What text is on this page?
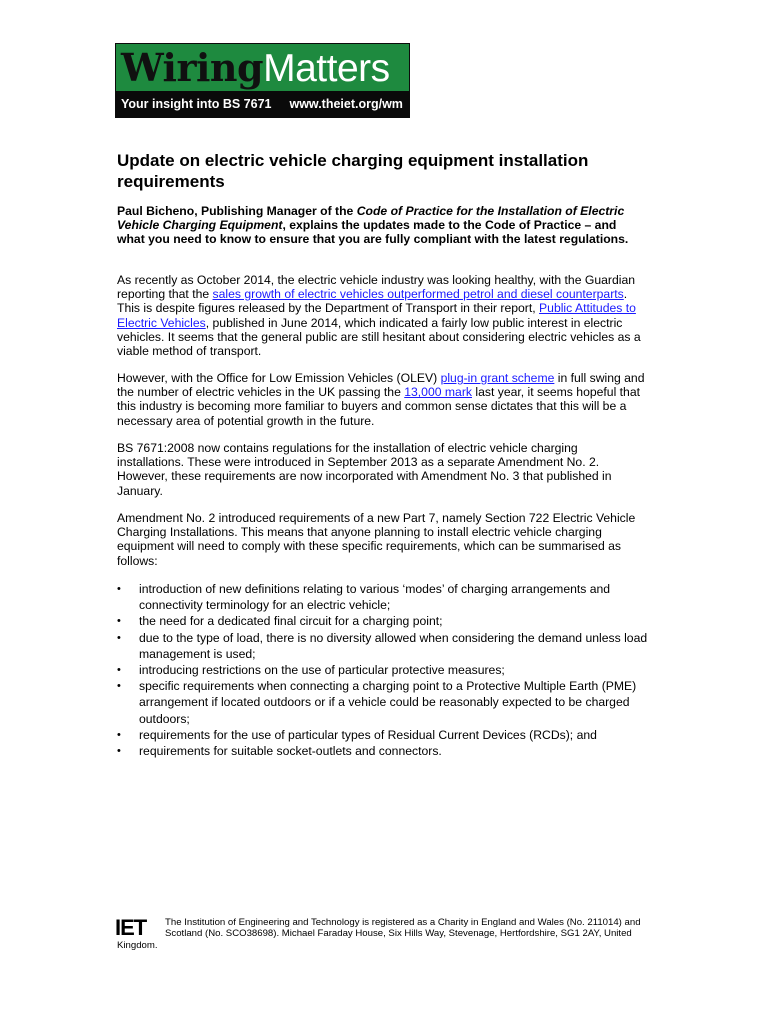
WiringMatters
Your insight into BS 7671 www.theiet.org/wm
Update on electric vehicle charging equipment installation requirements

Paul Bicheno, Publishing Manager of the Code of Practice for the Installation of Electric Vehicle Charging Equipment, explains the updates made to the Code of Practice – and what you need to know to ensure that you are fully compliant with the latest regulations.

As recently as October 2014, the electric vehicle industry was looking healthy, with the Guardian reporting that the sales growth of electric vehicles outperformed petrol and diesel counterparts. This is despite figures released by the Department of Transport in their report, Public Attitudes to Electric Vehicles, published in June 2014, which indicated a fairly low public interest in electric vehicles. It seems that the general public are still hesitant about considering electric vehicles as a viable method of transport.

However, with the Office for Low Emission Vehicles (OLEV) plug-in grant scheme in full swing and the number of electric vehicles in the UK passing the 13,000 mark last year, it seems hopeful that this industry is becoming more familiar to buyers and common sense dictates that this will be a necessary area of potential growth in the future.

BS 7671:2008 now contains regulations for the installation of electric vehicle charging installations. These were introduced in September 2013 as a separate Amendment No. 2. However, these requirements are now incorporated with Amendment No. 3 that published in January.

Amendment No. 2 introduced requirements of a new Part 7, namely Section 722 Electric Vehicle Charging Installations. This means that anyone planning to install electric vehicle charging equipment will need to comply with these specific requirements, which can be summarised as follows:

• introduction of new definitions relating to various ‘modes’ of charging arrangements and connectivity terminology for an electric vehicle;
• the need for a dedicated final circuit for a charging point;
• due to the type of load, there is no diversity allowed when considering the demand unless load management is used;
• introducing restrictions on the use of particular protective measures;
• specific requirements when connecting a charging point to a Protective Multiple Earth (PME) arrangement if located outdoors or if a vehicle could be reasonably expected to be charged outdoors;
• requirements for the use of particular types of Residual Current Devices (RCDs); and
• requirements for suitable socket-outlets and connectors.
IET The Institution of Engineering and Technology is registered as a Charity in England and Wales (No. 211014) and Scotland (No. SCO38698). Michael Faraday House, Six Hills Way, Stevenage, Hertfordshire, SG1 2AY, United Kingdom.
